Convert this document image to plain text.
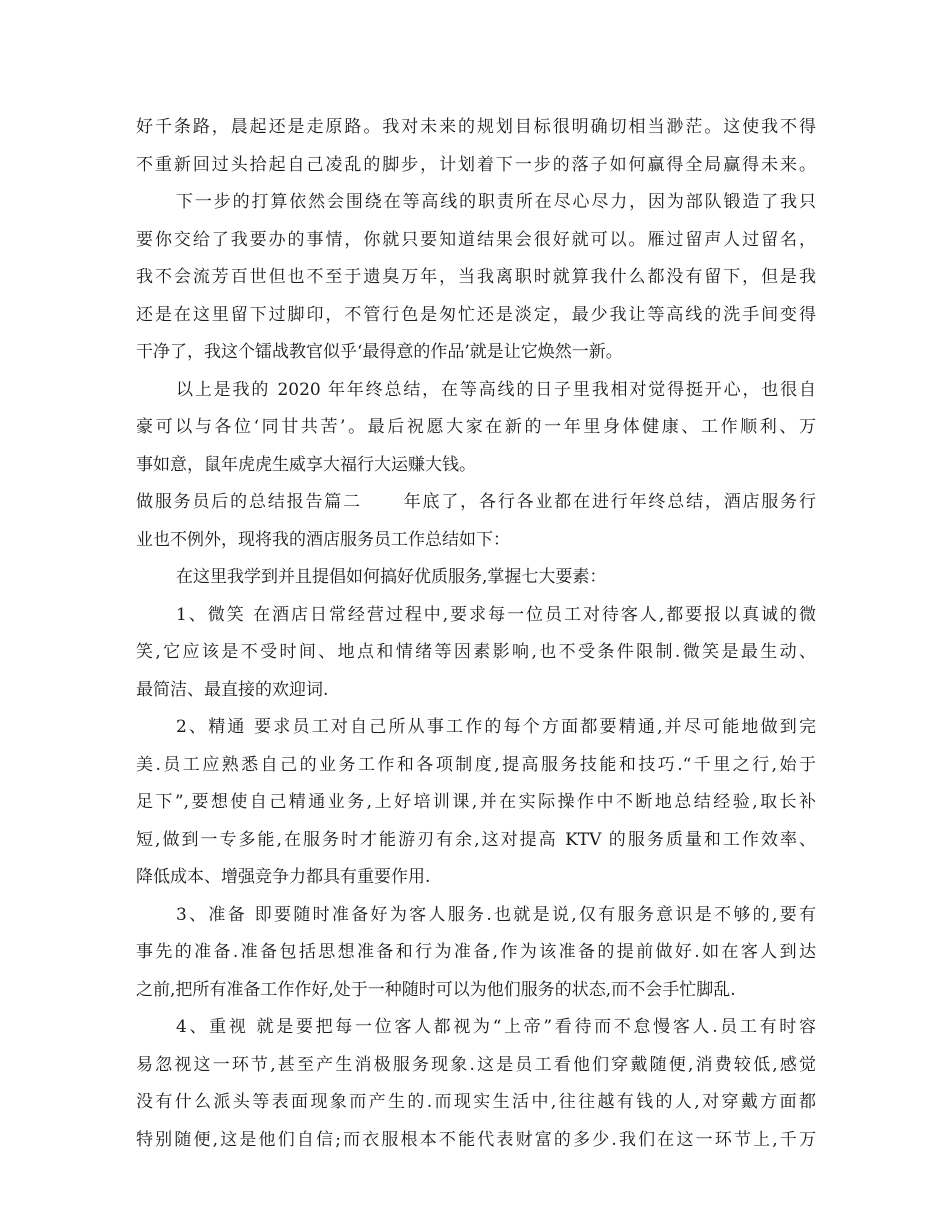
好千条路，晨起还是走原路。我对未来的规划目标很明确切相当渺茫。这使我不得
不重新回过头拾起自己凌乱的脚步，计划着下一步的落子如何赢得全局赢得未来。
下一步的打算依然会围绕在等高线的职责所在尽心尽力，因为部队锻造了我只
要你交给了我要办的事情，你就只要知道结果会很好就可以。雁过留声人过留名，
我不会流芳百世但也不至于遗臭万年，当我离职时就算我什么都没有留下，但是我
还是在这里留下过脚印，不管行色是匆忙还是淡定，最少我让等高线的洗手间变得
干净了，我这个镭战教官似乎‘最得意的作品’就是让它焕然一新。
以上是我的 2020 年年终总结，在等高线的日子里我相对觉得挺开心，也很自
豪可以与各位‘同甘共苦’。最后祝愿大家在新的一年里身体健康、工作顺利、万
事如意，鼠年虎虎生威享大福行大运赚大钱。
做服务员后的总结报告篇二 年底了，各行各业都在进行年终总结，酒店服务行
业也不例外，现将我的酒店服务员工作总结如下：
在这里我学到并且提倡如何搞好优质服务,掌握七大要素：
1、微笑 在酒店日常经营过程中,要求每一位员工对待客人,都要报以真诚的微
笑,它应该是不受时间、地点和情绪等因素影响,也不受条件限制.微笑是最生动、
最简洁、最直接的欢迎词.
2、精通 要求员工对自己所从事工作的每个方面都要精通,并尽可能地做到完
美.员工应熟悉自己的业务工作和各项制度,提高服务技能和技巧.“千里之行,始于
足下”,要想使自己精通业务,上好培训课,并在实际操作中不断地总结经验,取长补
短,做到一专多能,在服务时才能游刃有余,这对提高 KTV 的服务质量和工作效率、
降低成本、增强竞争力都具有重要作用.
3、准备 即要随时准备好为客人服务.也就是说,仅有服务意识是不够的,要有
事先的准备.准备包括思想准备和行为准备,作为该准备的提前做好.如在客人到达
之前,把所有准备工作作好,处于一种随时可以为他们服务的状态,而不会手忙脚乱.
4、重视 就是要把每一位客人都视为“上帝”看待而不怠慢客人.员工有时容
易忽视这一环节,甚至产生消极服务现象.这是员工看他们穿戴随便,消费较低,感觉
没有什么派头等表面现象而产生的.而现实生活中,往往越有钱的人,对穿戴方面都
特别随便,这是他们自信;而衣服根本不能代表财富的多少.我们在这一环节上,千万
